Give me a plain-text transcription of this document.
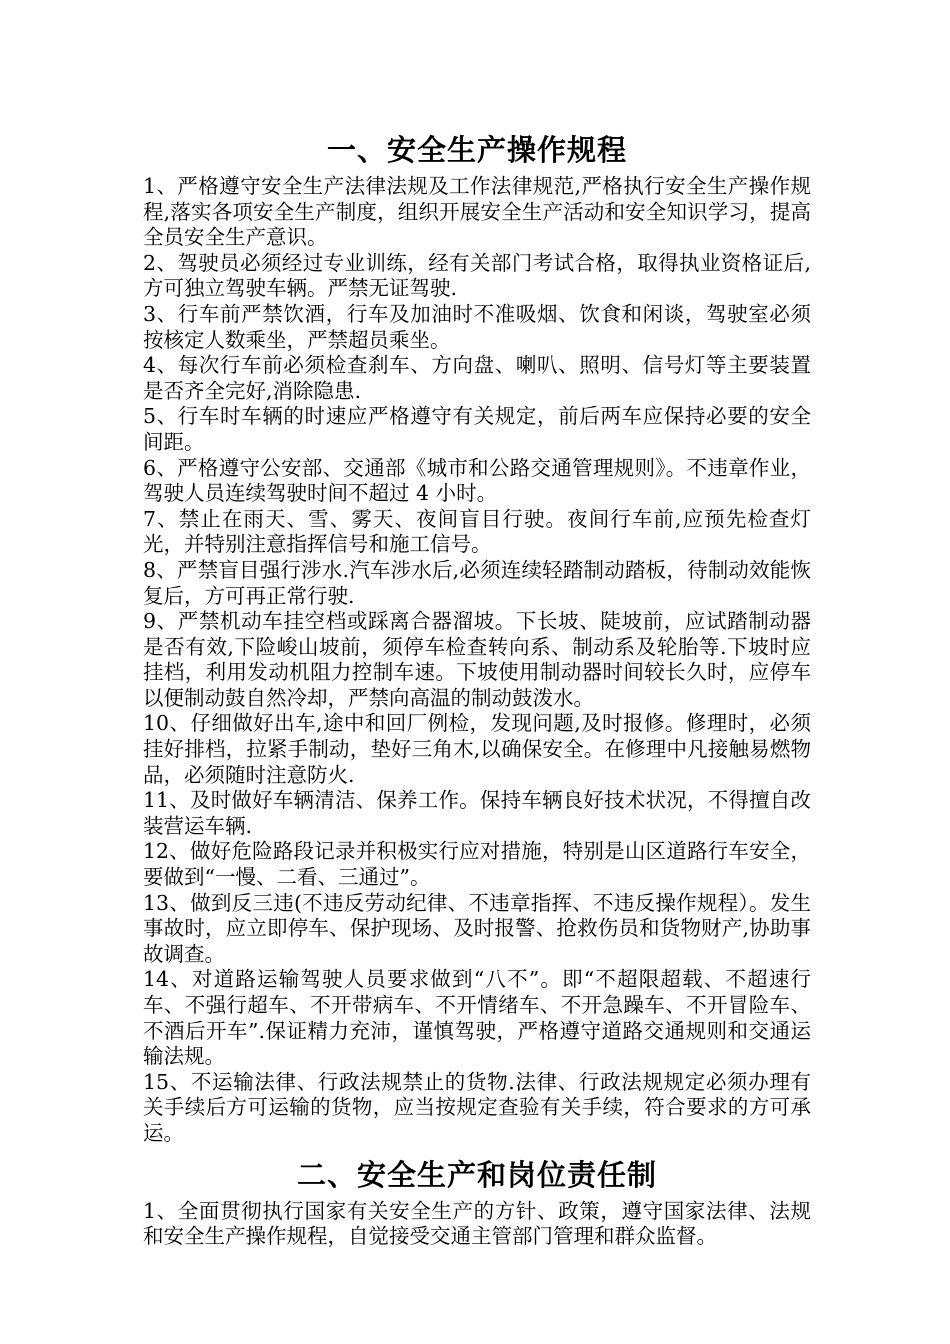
一、安全生产操作规程
1、严格遵守安全生产法律法规及工作法律规范,严格执行安全生产操作规程,落实各项安全生产制度，组织开展安全生产活动和安全知识学习，提高全员安全生产意识。
2、驾驶员必须经过专业训练，经有关部门考试合格，取得执业资格证后,方可独立驾驶车辆。严禁无证驾驶.
3、行车前严禁饮酒，行车及加油时不准吸烟、饮食和闲谈，驾驶室必须按核定人数乘坐，严禁超员乘坐。
4、每次行车前必须检查刹车、方向盘、喇叭、照明、信号灯等主要装置是否齐全完好,消除隐患.
5、行车时车辆的时速应严格遵守有关规定，前后两车应保持必要的安全间距。
6、严格遵守公安部、交通部《城市和公路交通管理规则》。不违章作业，驾驶人员连续驾驶时间不超过 4 小时。
7、禁止在雨天、雪、雾天、夜间盲目行驶。夜间行车前,应预先检查灯光，并特别注意指挥信号和施工信号。
8、严禁盲目强行涉水.汽车涉水后,必须连续轻踏制动踏板，待制动效能恢复后，方可再正常行驶.
9、严禁机动车挂空档或踩离合器溜坡。下长坡、陡坡前，应试踏制动器是否有效,下险峻山坡前，须停车检查转向系、制动系及轮胎等.下坡时应挂档，利用发动机阻力控制车速。下坡使用制动器时间较长久时，应停车以便制动鼓自然冷却，严禁向高温的制动鼓泼水。
10、仔细做好出车,途中和回厂例检，发现问题,及时报修。修理时，必须挂好排档，拉紧手制动，垫好三角木,以确保安全。在修理中凡接触易燃物品，必须随时注意防火.
11、及时做好车辆清洁、保养工作。保持车辆良好技术状况，不得擅自改装营运车辆.
12、做好危险路段记录并积极实行应对措施，特别是山区道路行车安全，要做到“一慢、二看、三通过”。
13、做到反三违(不违反劳动纪律、不违章指挥、不违反操作规程）。发生事故时，应立即停车、保护现场、及时报警、抢救伤员和货物财产,协助事故调查。
14、对道路运输驾驶人员要求做到“八不”。即“不超限超载、不超速行车、不强行超车、不开带病车、不开情绪车、不开急躁车、不开冒险车、不酒后开车”.保证精力充沛，谨慎驾驶，严格遵守道路交通规则和交通运输法规。
15、不运输法律、行政法规禁止的货物.法律、行政法规规定必须办理有关手续后方可运输的货物，应当按规定查验有关手续，符合要求的方可承运。
二、安全生产和岗位责任制
1、全面贯彻执行国家有关安全生产的方针、政策，遵守国家法律、法规和安全生产操作规程，自觉接受交通主管部门管理和群众监督。
